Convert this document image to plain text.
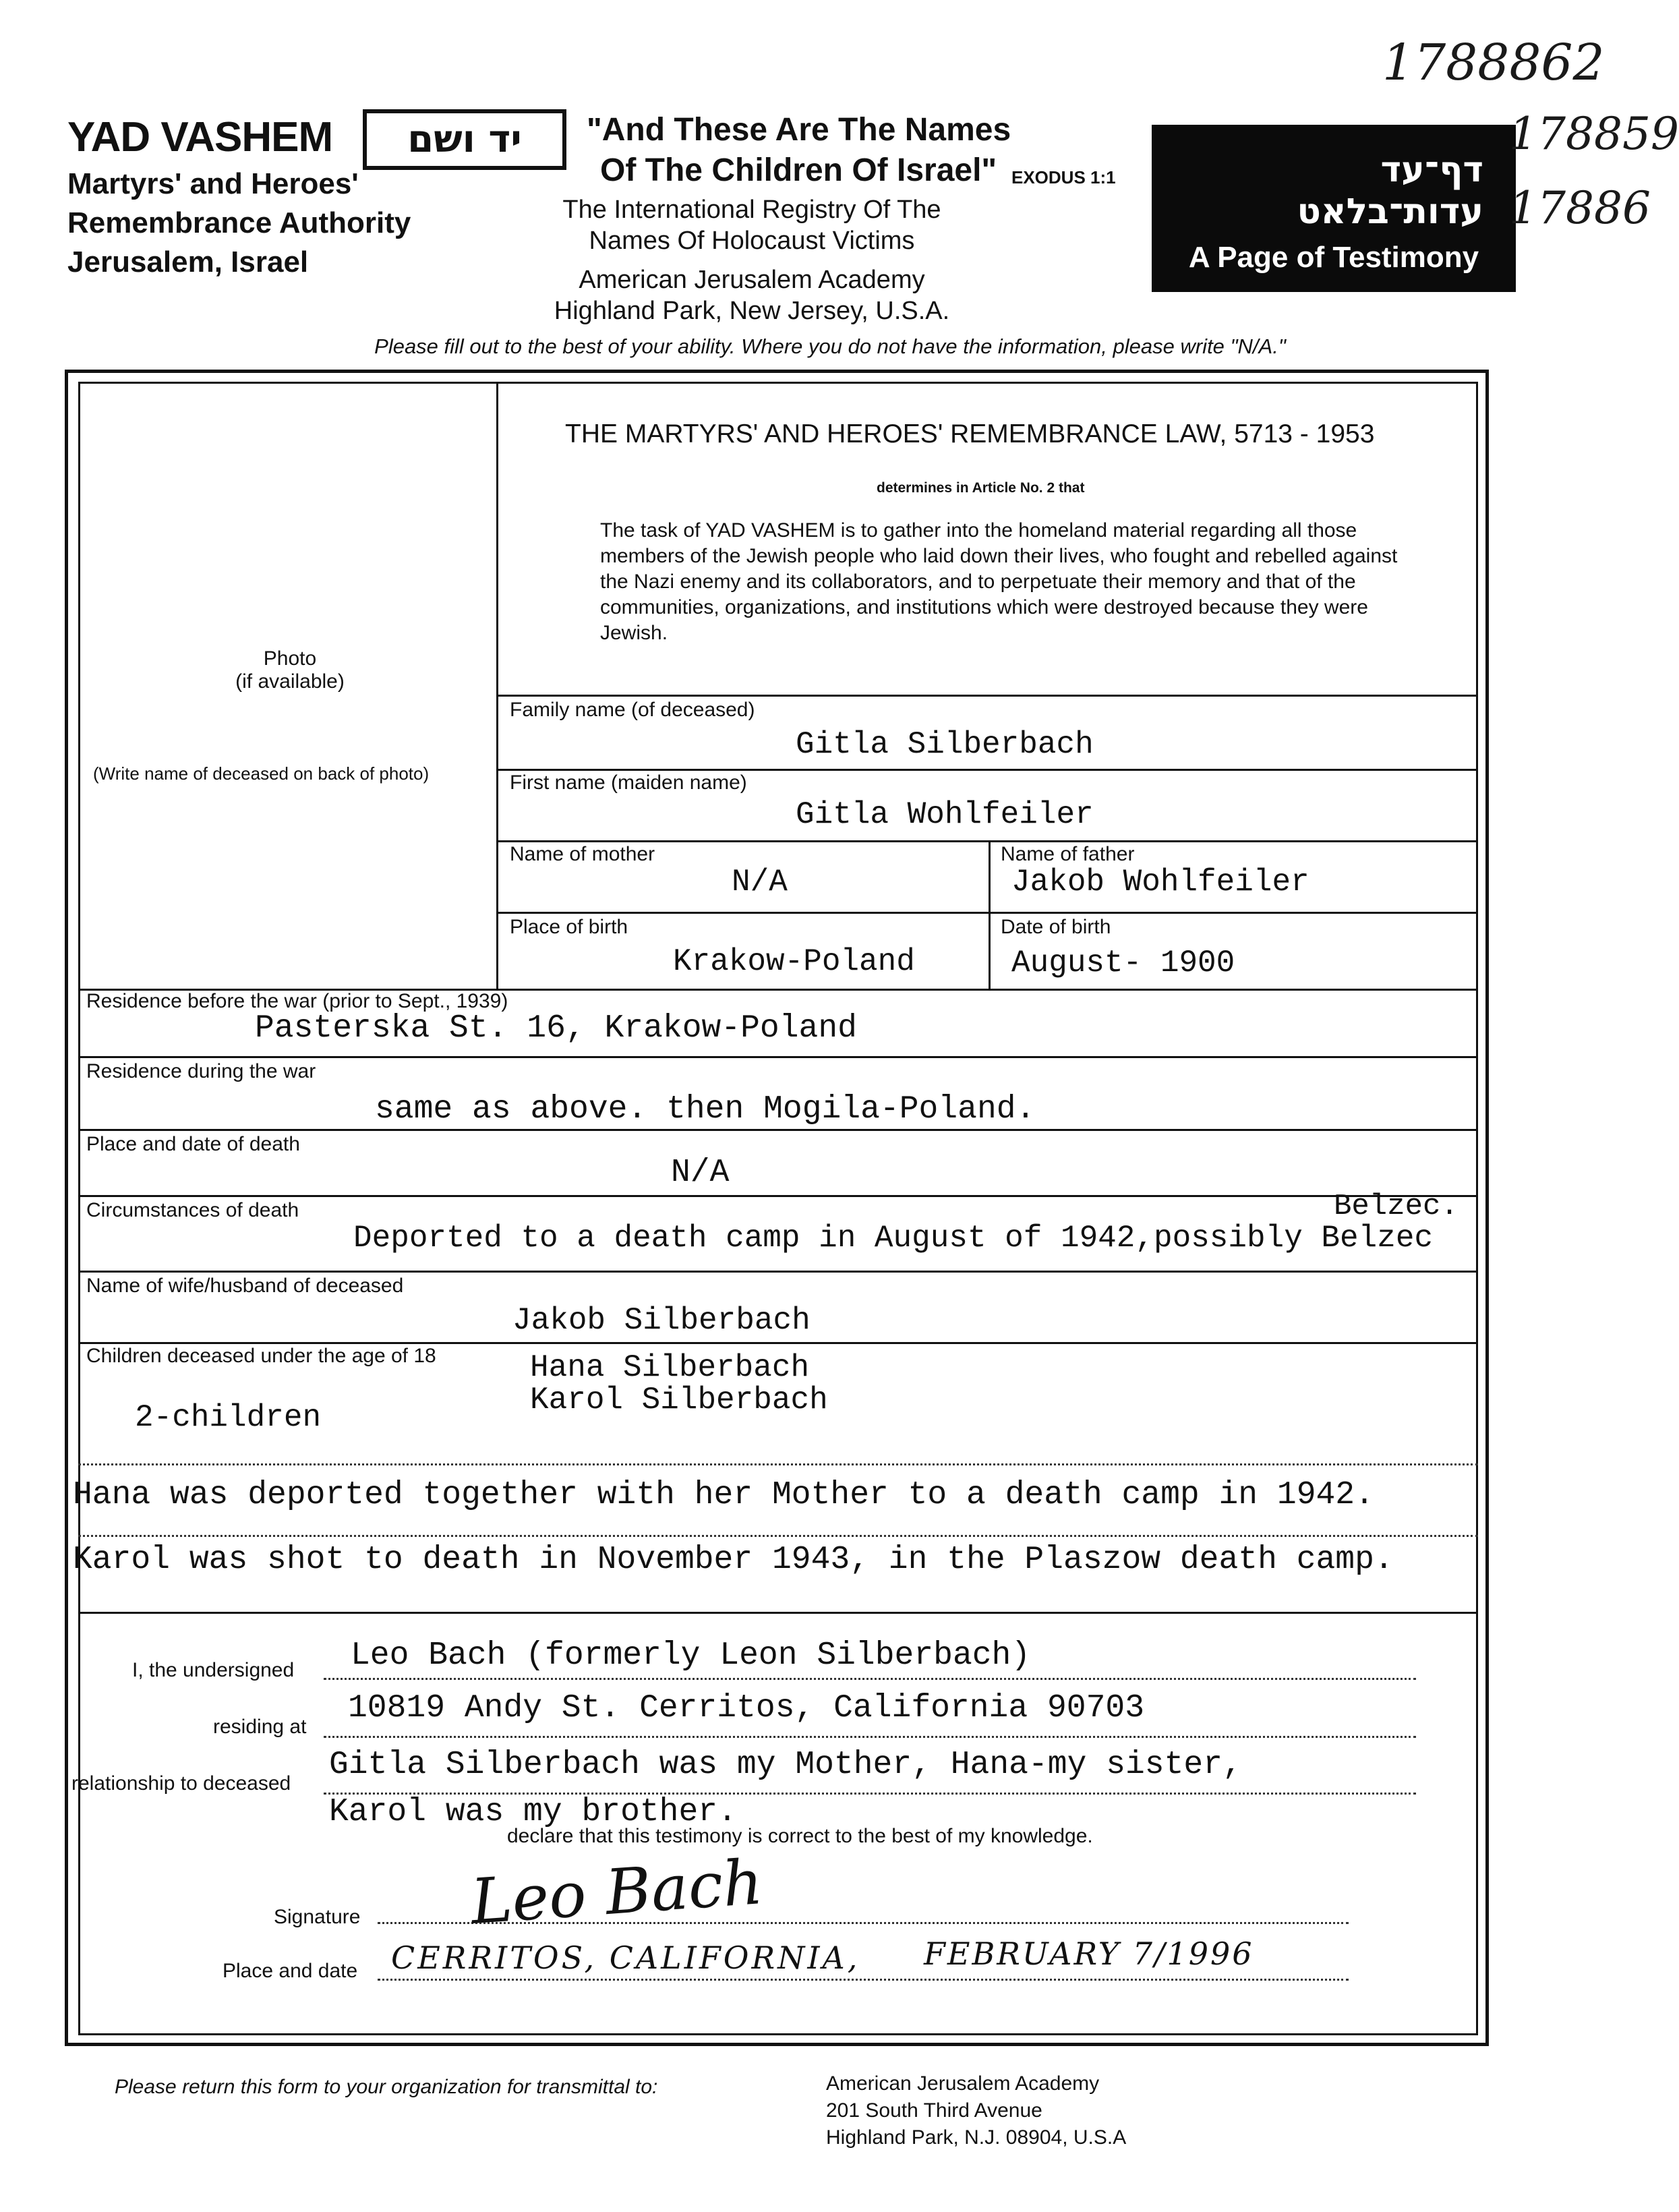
YAD VASHEM	יד ושם
Martyrs' and Heroes'
Remembrance Authority
Jerusalem, Israel
"And These Are The Names
Of The Children Of Israel" EXODUS 1:1
The International Registry Of The
Names Of Holocaust Victims
American Jerusalem Academy
Highland Park, New Jersey, U.S.A.
דף־עד
עדות־בלאט
A Page of Testimony
1788862
178859
17886
Please fill out to the best of your ability. Where you do not have the information, please write "N/A."
THE MARTYRS' AND HEROES' REMEMBRANCE LAW, 5713 - 1953
determines in Article No. 2 that
The task of YAD VASHEM is to gather into the homeland material regarding all those members of the Jewish people who laid down their lives, who fought and rebelled against the Nazi enemy and its collaborators, and to perpetuate their memory and that of the communities, organizations, and institutions which were destroyed because they were Jewish.
Photo
(if available)
(Write name of deceased on back of photo)
Family name (of deceased)
Gitla Silberbach
First name (maiden name)
Gitla Wohlfeiler
Name of mother
N/A
Name of father
Jakob Wohlfeiler
Place of birth
Krakow-Poland
Date of birth
August- 1900
Residence before the war (prior to Sept., 1939)
Pasterska St. 16, Krakow-Poland
Residence during the war
same as above. then Mogila-Poland.
Place and date of death
N/A
Circumstances of death	Belzec.
Deported to a death camp in August of 1942,possibly Belzec
Name of wife/husband of deceased
Jakob Silberbach
Children deceased under the age of 18
2-children
Hana Silberbach
Karol Silberbach
Hana was deported together with her Mother to a death camp in 1942.
Karol was shot to death in November 1943, in the Plaszow death camp.
I, the undersigned Leo Bach (formerly Leon Silberbach)
residing at
10819 Andy St. Cerritos, California 90703
relationship to deceased
Gitla Silberbach was my Mother, Hana-my sister,
Karol was my brother.
declare that this testimony is correct to the best of my knowledge.
Signature Leo Bach
Place and date CERRITOS, CALIFORNIA, FEBRUARY 7/1996
Please return this form to your organization for transmittal to:	American Jerusalem Academy
201 South Third Avenue
Highland Park, N.J. 08904, U.S.A
